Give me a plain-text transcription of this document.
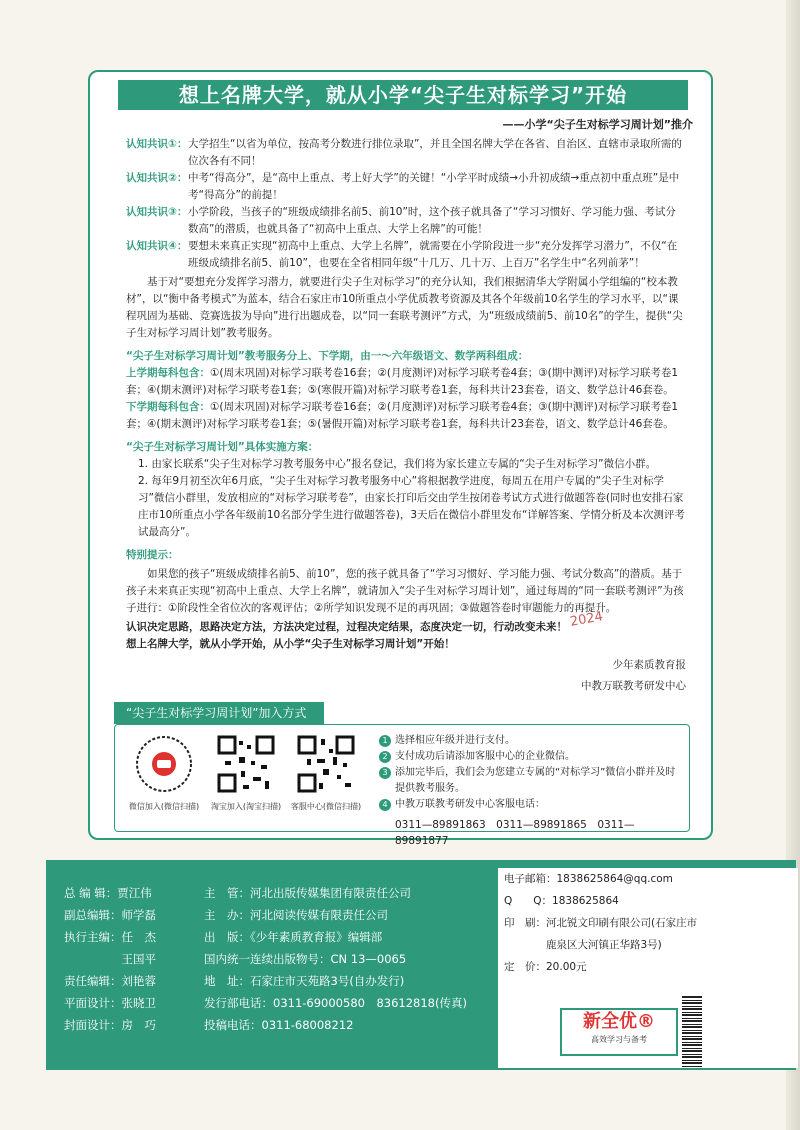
想上名牌大学，就从小学“尖子生对标学习”开始
——小学“尖子生对标学习周计划”推介
认知共识①： 大学招生“以省为单位，按高考分数进行排位录取”，并且全国名牌大学在各省、自治区、直辖市录取所需的位次各有不同！
认知共识②： 中考“得高分”，是“高中上重点、考上好大学”的关键！“小学平时成绩→小升初成绩→重点初中重点班”是中考“得高分”的前提！
认知共识③： 小学阶段，当孩子的“班级成绩排名前5、前10”时，这个孩子就具备了“学习习惯好、学习能力强、考试分数高”的潜质，也就具备了“初高中上重点、大学上名牌”的可能！
认知共识④： 要想未来真正实现“初高中上重点、大学上名牌”，就需要在小学阶段进一步“充分发挥学习潜力”，不仅“在班级成绩排名前5、前10”，也要在全省相同年级“十几万、几十万、上百万”名学生中“名列前茅”！

基于对“要想充分发挥学习潜力，就要进行尖子生对标学习”的充分认知，我们根据清华大学附属小学组编的“校本教材”，以“衡中备考模式”为蓝本，结合石家庄市10所重点小学优质教考资源及其各个年级前10名学生的学习水平，以“课程巩固为基础、竞赛选拔为导向”进行出题成卷，以“同一套联考测评”方式，为“班级成绩前5、前10名”的学生，提供“尖子生对标学习周计划”教考服务。

“尖子生对标学习周计划”教考服务分上、下学期，由一～六年级语文、数学两科组成：
上学期每科包含：①(周末巩固)对标学习联考卷16套；②(月度测评)对标学习联考卷4套；③(期中测评)对标学习联考卷1套；④(期末测评)对标学习联考卷1套；⑤(寒假开篇)对标学习联考卷1套，每科共计23套卷，语文、数学总计46套卷。
下学期每科包含：①(周末巩固)对标学习联考卷16套；②(月度测评)对标学习联考卷4套；③(期中测评)对标学习联考卷1套；④(期末测评)对标学习联考卷1套；⑤(暑假开篇)对标学习联考卷1套，每科共计23套卷，语文、数学总计46套卷。
“尖子生对标学习周计划”具体实施方案：
1. 由家长联系“尖子生对标学习教考服务中心”报名登记，我们将为家长建立专属的“尖子生对标学习”微信小群。
2. 每年9月初至次年6月底，“尖子生对标学习教考服务中心”将根据教学进度，每周五在用户专属的“尖子生对标学习”微信小群里，发放相应的“对标学习联考卷”，由家长打印后交由学生按闭卷考试方式进行做题答卷(同时也安排石家庄市10所重点小学各年级前10名部分学生进行做题答卷)，3天后在微信小群里发布“详解答案、学情分析及本次测评考试最高分”。
特别提示：

如果您的孩子“班级成绩排名前5、前10”，您的孩子就具备了“学习习惯好、学习能力强、考试分数高”的潜质。基于孩子未来真正实现“初高中上重点、大学上名牌”，就请加入“尖子生对标学习周计划”，通过每周的“同一套联考测评”为孩子进行：①阶段性全省位次的客观评估；②所学知识发现不足的再巩固；③做题答卷时审题能力的再提升。

认识决定思路，思路决定方法，方法决定过程，过程决定结果，态度决定一切，行动改变未来！
想上名牌大学，就从小学开始，从小学“尖子生对标学习周计划”开始！
少年素质教育报
中教万联教考研发中心
2024
“尖子生对标学习周计划”加入方式
微信加入(微信扫描)	淘宝加入(淘宝扫描)	客服中心(微信扫描)
1 选择相应年级并进行支付。
2 支付成功后请添加客服中心的企业微信。
3 添加完毕后，我们会为您建立专属的“对标学习”微信小群并及时提供教考服务。
4 中教万联教考研发中心客服电话：
0311—89891863　0311—89891865　0311—89891877
总 编 辑：贾江伟	主　管：河北出版传媒集团有限责任公司
副总编辑：师学磊	主　办：河北阅读传媒有限责任公司
执行主编：任　杰	出　版：《少年素质教育报》编辑部
　　　　　王国平	国内统一连续出版物号：CN 13—0065
责任编辑：刘艳蓉	地　址：石家庄市天苑路3号(自办发行)
平面设计：张晓卫	发行部电话：0311-69000580　83612818(传真)
封面设计：房　巧	投稿电话：0311-68008212
电子邮箱：1838625864@qq.com
Q　　Q：1838625864
印　刷：河北锐文印刷有限公司(石家庄市
　　　　鹿泉区大河镇正华路3号)
定　价：20.00元
新全优®
高效学习与备考
